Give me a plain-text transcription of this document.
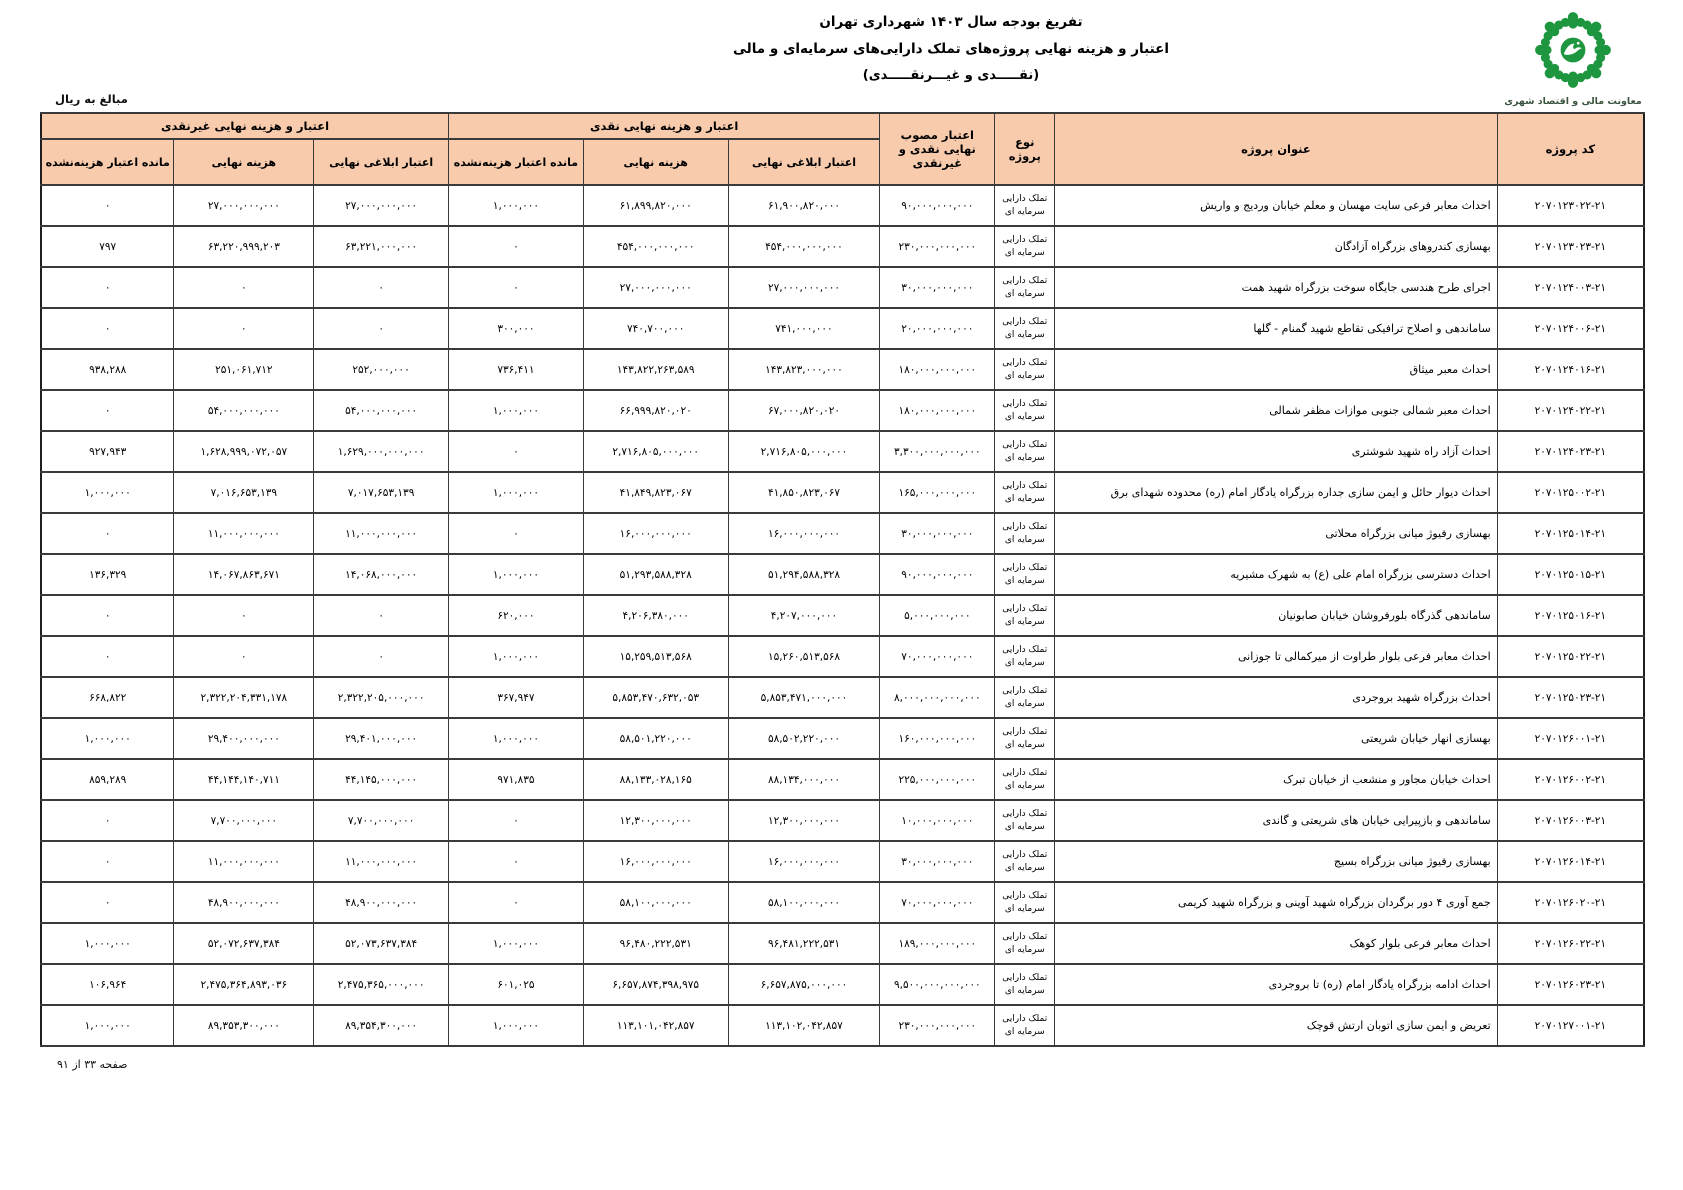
تفریغ بودجه سال ۱۴۰۳ شهرداری تهران
اعتبار و هزینه نهایی پروژه‌های تملک دارایی‌های سرمایه‌ای و مالی
(نقـــــدی و غیـــرنقـــــدی)
معاونت مالی و اقتصاد شهری
مبالغ به ریال
کد پروژه	عنوان پروژه	نوع پروژه	اعتبار مصوب نهایی نقدی و غیرنقدی	اعتبار و هزینه نهایی نقدی			اعتبار و هزینه نهایی غیرنقدی		
				اعتبار ابلاغی نهایی	هزینه نهایی	مانده اعتبار هزینه‌نشده	اعتبار ابلاغی نهایی	هزینه نهایی	مانده اعتبار هزینه‌نشده
۲۰۷۰۱۲۳۰۲۲-۲۱	احداث معابر فرعی سایت مهسان و معلم خیابان وردیج و واریش	تملک دارایی سرمایه ای	۹۰,۰۰۰,۰۰۰,۰۰۰	۶۱,۹۰۰,۸۲۰,۰۰۰	۶۱,۸۹۹,۸۲۰,۰۰۰	۱,۰۰۰,۰۰۰	۲۷,۰۰۰,۰۰۰,۰۰۰	۲۷,۰۰۰,۰۰۰,۰۰۰	۰
۲۰۷۰۱۲۳۰۲۳-۲۱	بهسازی کندروهای بزرگراه آزادگان	تملک دارایی سرمایه ای	۲۳۰,۰۰۰,۰۰۰,۰۰۰	۴۵۴,۰۰۰,۰۰۰,۰۰۰	۴۵۴,۰۰۰,۰۰۰,۰۰۰	۰	۶۳,۲۲۱,۰۰۰,۰۰۰	۶۳,۲۲۰,۹۹۹,۲۰۳	۷۹۷
۲۰۷۰۱۲۴۰۰۳-۲۱	اجرای طرح هندسی جایگاه سوخت بزرگراه شهید همت	تملک دارایی سرمایه ای	۳۰,۰۰۰,۰۰۰,۰۰۰	۲۷,۰۰۰,۰۰۰,۰۰۰	۲۷,۰۰۰,۰۰۰,۰۰۰	۰	۰	۰	۰
۲۰۷۰۱۲۴۰۰۶-۲۱	ساماندهی و اصلاح ترافیکی تقاطع شهید گمنام - گلها	تملک دارایی سرمایه ای	۲۰,۰۰۰,۰۰۰,۰۰۰	۷۴۱,۰۰۰,۰۰۰	۷۴۰,۷۰۰,۰۰۰	۳۰۰,۰۰۰	۰	۰	۰
۲۰۷۰۱۲۴۰۱۶-۲۱	احداث معبر میثاق	تملک دارایی سرمایه ای	۱۸۰,۰۰۰,۰۰۰,۰۰۰	۱۴۳,۸۲۳,۰۰۰,۰۰۰	۱۴۳,۸۲۲,۲۶۳,۵۸۹	۷۳۶,۴۱۱	۲۵۲,۰۰۰,۰۰۰	۲۵۱,۰۶۱,۷۱۲	۹۳۸,۲۸۸
۲۰۷۰۱۲۴۰۲۲-۲۱	احداث معبر شمالی جنوبی موازات مظفر شمالی	تملک دارایی سرمایه ای	۱۸۰,۰۰۰,۰۰۰,۰۰۰	۶۷,۰۰۰,۸۲۰,۰۲۰	۶۶,۹۹۹,۸۲۰,۰۲۰	۱,۰۰۰,۰۰۰	۵۴,۰۰۰,۰۰۰,۰۰۰	۵۴,۰۰۰,۰۰۰,۰۰۰	۰
۲۰۷۰۱۲۴۰۲۳-۲۱	احداث آزاد راه شهید شوشتری	تملک دارایی سرمایه ای	۳,۳۰۰,۰۰۰,۰۰۰,۰۰۰	۲,۷۱۶,۸۰۵,۰۰۰,۰۰۰	۲,۷۱۶,۸۰۵,۰۰۰,۰۰۰	۰	۱,۶۲۹,۰۰۰,۰۰۰,۰۰۰	۱,۶۲۸,۹۹۹,۰۷۲,۰۵۷	۹۲۷,۹۴۳
۲۰۷۰۱۲۵۰۰۲-۲۱	احداث دیوار حائل و ایمن سازی جداره بزرگراه یادگار امام (ره) محدوده شهدای برق	تملک دارایی سرمایه ای	۱۶۵,۰۰۰,۰۰۰,۰۰۰	۴۱,۸۵۰,۸۲۳,۰۶۷	۴۱,۸۴۹,۸۲۳,۰۶۷	۱,۰۰۰,۰۰۰	۷,۰۱۷,۶۵۳,۱۳۹	۷,۰۱۶,۶۵۳,۱۳۹	۱,۰۰۰,۰۰۰
۲۰۷۰۱۲۵۰۱۴-۲۱	بهسازی رفیوژ میانی بزرگراه محلاتی	تملک دارایی سرمایه ای	۳۰,۰۰۰,۰۰۰,۰۰۰	۱۶,۰۰۰,۰۰۰,۰۰۰	۱۶,۰۰۰,۰۰۰,۰۰۰	۰	۱۱,۰۰۰,۰۰۰,۰۰۰	۱۱,۰۰۰,۰۰۰,۰۰۰	۰
۲۰۷۰۱۲۵۰۱۵-۲۱	احداث دسترسی بزرگراه امام علی (ع) به شهرک مشیریه	تملک دارایی سرمایه ای	۹۰,۰۰۰,۰۰۰,۰۰۰	۵۱,۲۹۴,۵۸۸,۳۲۸	۵۱,۲۹۳,۵۸۸,۳۲۸	۱,۰۰۰,۰۰۰	۱۴,۰۶۸,۰۰۰,۰۰۰	۱۴,۰۶۷,۸۶۳,۶۷۱	۱۳۶,۳۲۹
۲۰۷۰۱۲۵۰۱۶-۲۱	ساماندهی گذرگاه بلورفروشان خیابان صابونیان	تملک دارایی سرمایه ای	۵,۰۰۰,۰۰۰,۰۰۰	۴,۲۰۷,۰۰۰,۰۰۰	۴,۲۰۶,۳۸۰,۰۰۰	۶۲۰,۰۰۰	۰	۰	۰
۲۰۷۰۱۲۵۰۲۲-۲۱	احداث معابر فرعی بلوار طراوت از میرکمالی تا جوزانی	تملک دارایی سرمایه ای	۷۰,۰۰۰,۰۰۰,۰۰۰	۱۵,۲۶۰,۵۱۳,۵۶۸	۱۵,۲۵۹,۵۱۳,۵۶۸	۱,۰۰۰,۰۰۰	۰	۰	۰
۲۰۷۰۱۲۵۰۲۳-۲۱	احداث بزرگراه شهید بروجردی	تملک دارایی سرمایه ای	۸,۰۰۰,۰۰۰,۰۰۰,۰۰۰	۵,۸۵۳,۴۷۱,۰۰۰,۰۰۰	۵,۸۵۳,۴۷۰,۶۳۲,۰۵۳	۳۶۷,۹۴۷	۲,۳۲۲,۲۰۵,۰۰۰,۰۰۰	۲,۳۲۲,۲۰۴,۳۳۱,۱۷۸	۶۶۸,۸۲۲
۲۰۷۰۱۲۶۰۰۱-۲۱	بهسازی انهار خیابان شریعتی	تملک دارایی سرمایه ای	۱۶۰,۰۰۰,۰۰۰,۰۰۰	۵۸,۵۰۲,۲۲۰,۰۰۰	۵۸,۵۰۱,۲۲۰,۰۰۰	۱,۰۰۰,۰۰۰	۲۹,۴۰۱,۰۰۰,۰۰۰	۲۹,۴۰۰,۰۰۰,۰۰۰	۱,۰۰۰,۰۰۰
۲۰۷۰۱۲۶۰۰۲-۲۱	احداث خیابان مجاور و منشعب از خیابان تبرک	تملک دارایی سرمایه ای	۲۲۵,۰۰۰,۰۰۰,۰۰۰	۸۸,۱۳۴,۰۰۰,۰۰۰	۸۸,۱۳۳,۰۲۸,۱۶۵	۹۷۱,۸۳۵	۴۴,۱۴۵,۰۰۰,۰۰۰	۴۴,۱۴۴,۱۴۰,۷۱۱	۸۵۹,۲۸۹
۲۰۷۰۱۲۶۰۰۳-۲۱	ساماندهی و بازپیرایی خیابان های شریعتی و گاندی	تملک دارایی سرمایه ای	۱۰,۰۰۰,۰۰۰,۰۰۰	۱۲,۳۰۰,۰۰۰,۰۰۰	۱۲,۳۰۰,۰۰۰,۰۰۰	۰	۷,۷۰۰,۰۰۰,۰۰۰	۷,۷۰۰,۰۰۰,۰۰۰	۰
۲۰۷۰۱۲۶۰۱۴-۲۱	بهسازی رفیوژ میانی بزرگراه بسیج	تملک دارایی سرمایه ای	۳۰,۰۰۰,۰۰۰,۰۰۰	۱۶,۰۰۰,۰۰۰,۰۰۰	۱۶,۰۰۰,۰۰۰,۰۰۰	۰	۱۱,۰۰۰,۰۰۰,۰۰۰	۱۱,۰۰۰,۰۰۰,۰۰۰	۰
۲۰۷۰۱۲۶۰۲۰-۲۱	جمع آوری ۴ دور برگردان بزرگراه شهید آوینی و بزرگراه شهید کریمی	تملک دارایی سرمایه ای	۷۰,۰۰۰,۰۰۰,۰۰۰	۵۸,۱۰۰,۰۰۰,۰۰۰	۵۸,۱۰۰,۰۰۰,۰۰۰	۰	۴۸,۹۰۰,۰۰۰,۰۰۰	۴۸,۹۰۰,۰۰۰,۰۰۰	۰
۲۰۷۰۱۲۶۰۲۲-۲۱	احداث معابر فرعی بلوار کوهک	تملک دارایی سرمایه ای	۱۸۹,۰۰۰,۰۰۰,۰۰۰	۹۶,۴۸۱,۲۲۲,۵۳۱	۹۶,۴۸۰,۲۲۲,۵۳۱	۱,۰۰۰,۰۰۰	۵۲,۰۷۳,۶۳۷,۳۸۴	۵۲,۰۷۲,۶۳۷,۳۸۴	۱,۰۰۰,۰۰۰
۲۰۷۰۱۲۶۰۲۳-۲۱	احداث ادامه بزرگراه یادگار امام (ره) تا بروجردی	تملک دارایی سرمایه ای	۹,۵۰۰,۰۰۰,۰۰۰,۰۰۰	۶,۶۵۷,۸۷۵,۰۰۰,۰۰۰	۶,۶۵۷,۸۷۴,۳۹۸,۹۷۵	۶۰۱,۰۲۵	۲,۴۷۵,۳۶۵,۰۰۰,۰۰۰	۲,۴۷۵,۳۶۴,۸۹۳,۰۳۶	۱۰۶,۹۶۴
۲۰۷۰۱۲۷۰۰۱-۲۱	تعریض و ایمن سازی اتوبان ارتش قوچک	تملک دارایی سرمایه ای	۲۳۰,۰۰۰,۰۰۰,۰۰۰	۱۱۳,۱۰۲,۰۴۲,۸۵۷	۱۱۳,۱۰۱,۰۴۲,۸۵۷	۱,۰۰۰,۰۰۰	۸۹,۳۵۴,۳۰۰,۰۰۰	۸۹,۳۵۳,۳۰۰,۰۰۰	۱,۰۰۰,۰۰۰
صفحه ۳۳ از ۹۱
